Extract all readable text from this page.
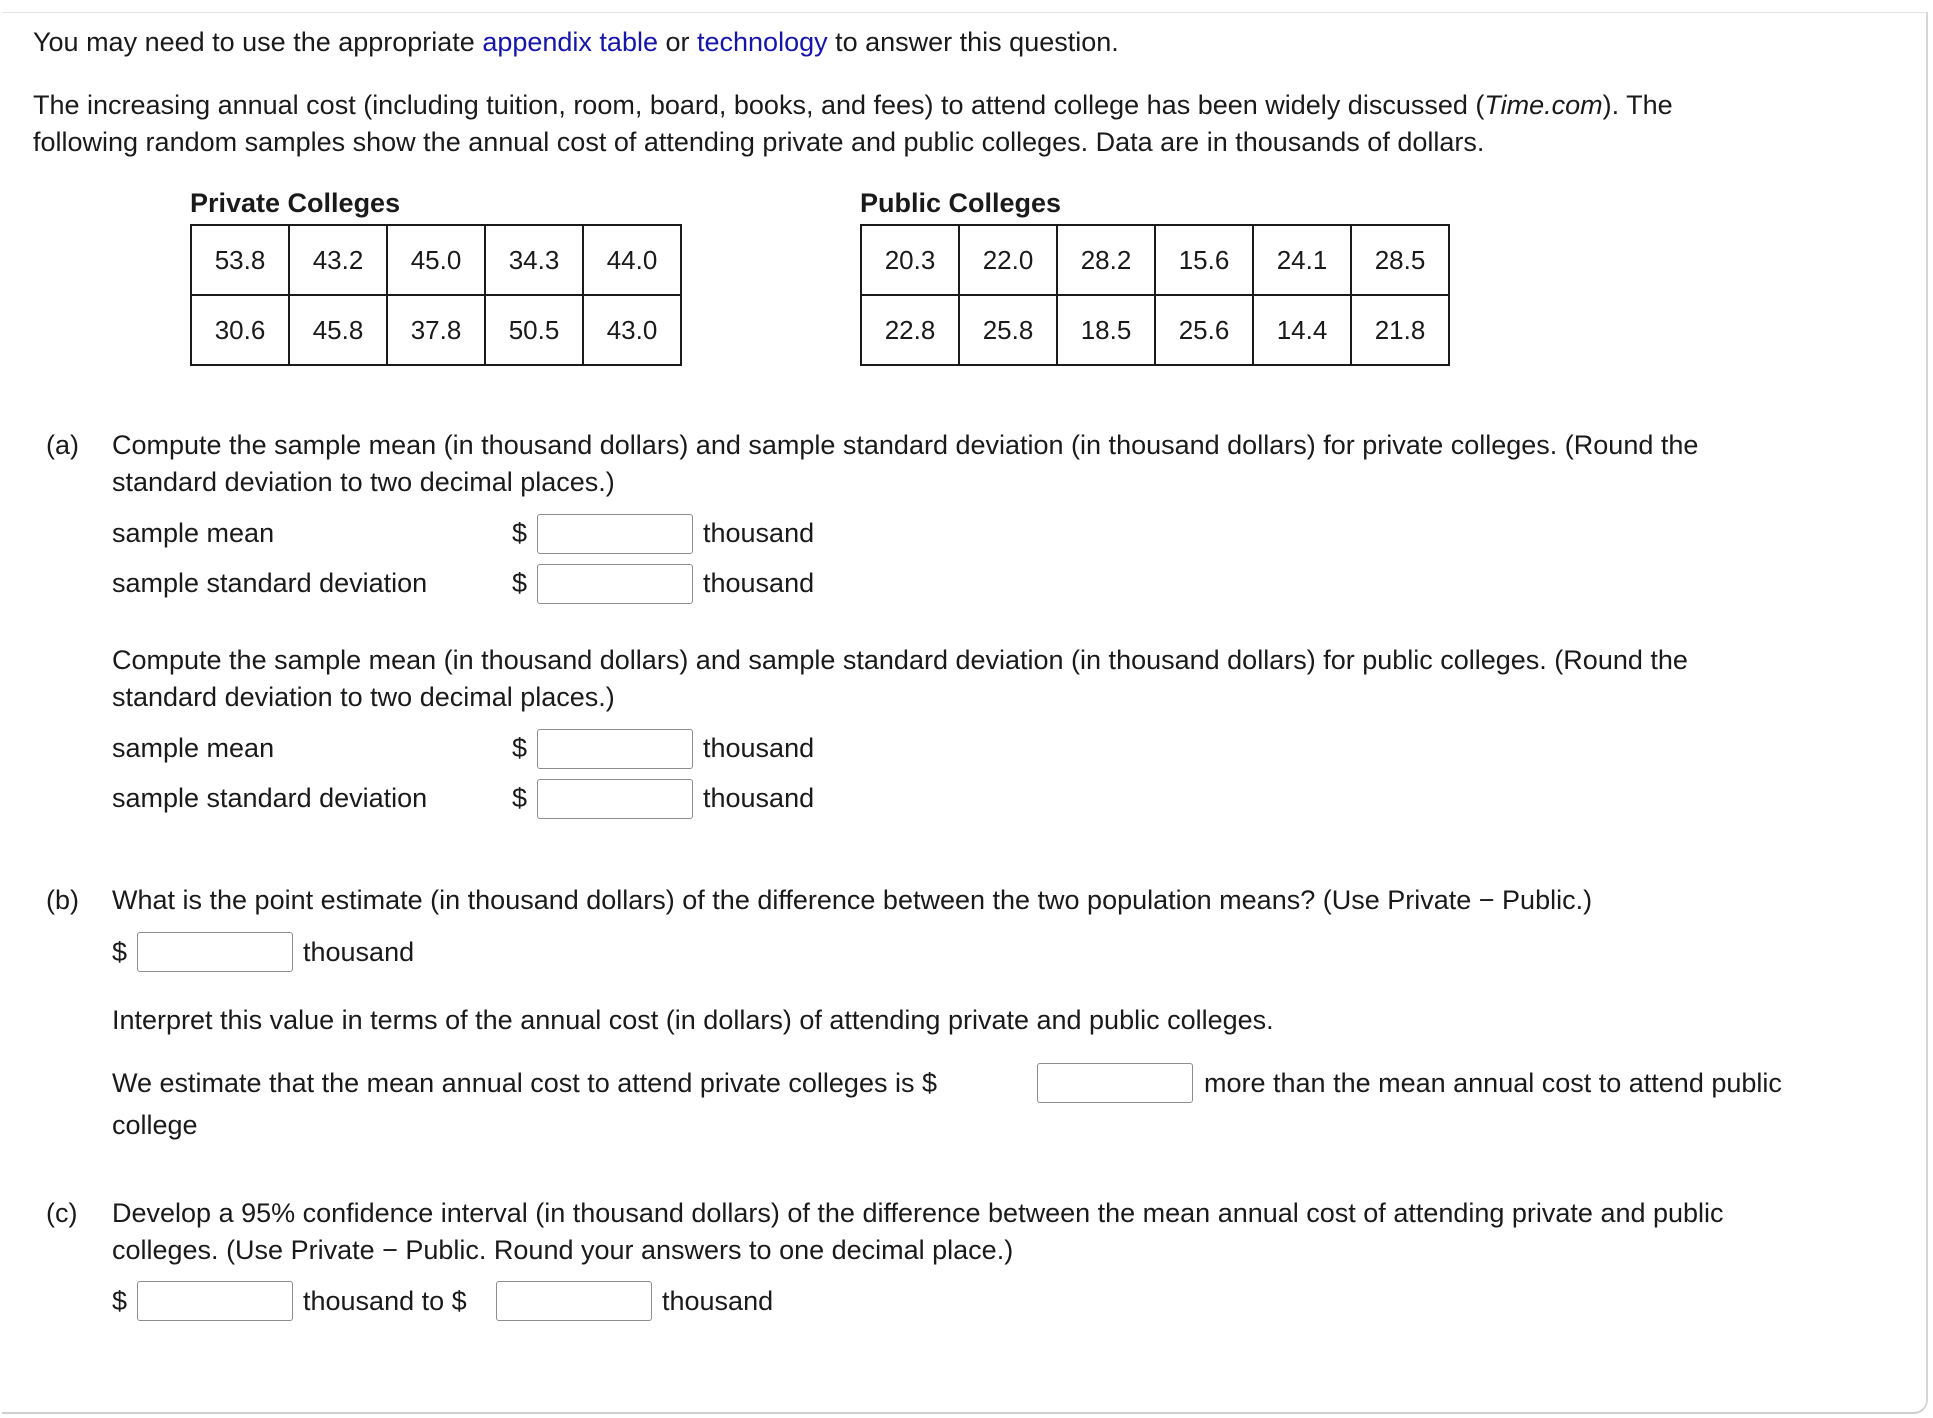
You may need to use the appropriate appendix table or technology to answer this question.
The increasing annual cost (including tuition, room, board, books, and fees) to attend college has been widely discussed (Time.com). The
following random samples show the annual cost of attending private and public colleges. Data are in thousands of dollars.
Private Colleges	Public Colleges
53.8	43.2	45.0	34.3	44.0
30.6	45.8	37.8	50.5	43.0
20.3	22.0	28.2	15.6	24.1	28.5
22.8	25.8	18.5	25.6	14.4	21.8
(a) Compute the sample mean (in thousand dollars) and sample standard deviation (in thousand dollars) for private colleges. (Round the
standard deviation to two decimal places.)
sample mean	$	thousand
sample standard deviation	$	thousand
Compute the sample mean (in thousand dollars) and sample standard deviation (in thousand dollars) for public colleges. (Round the
standard deviation to two decimal places.)
sample mean	$	thousand
sample standard deviation	$	thousand
(b) What is the point estimate (in thousand dollars) of the difference between the two population means? (Use Private − Public.)
$	thousand
Interpret this value in terms of the annual cost (in dollars) of attending private and public colleges.
We estimate that the mean annual cost to attend private colleges is $	more than the mean annual cost to attend public
college
(c) Develop a 95% confidence interval (in thousand dollars) of the difference between the mean annual cost of attending private and public
colleges. (Use Private − Public. Round your answers to one decimal place.)
$	thousand to $	thousand
